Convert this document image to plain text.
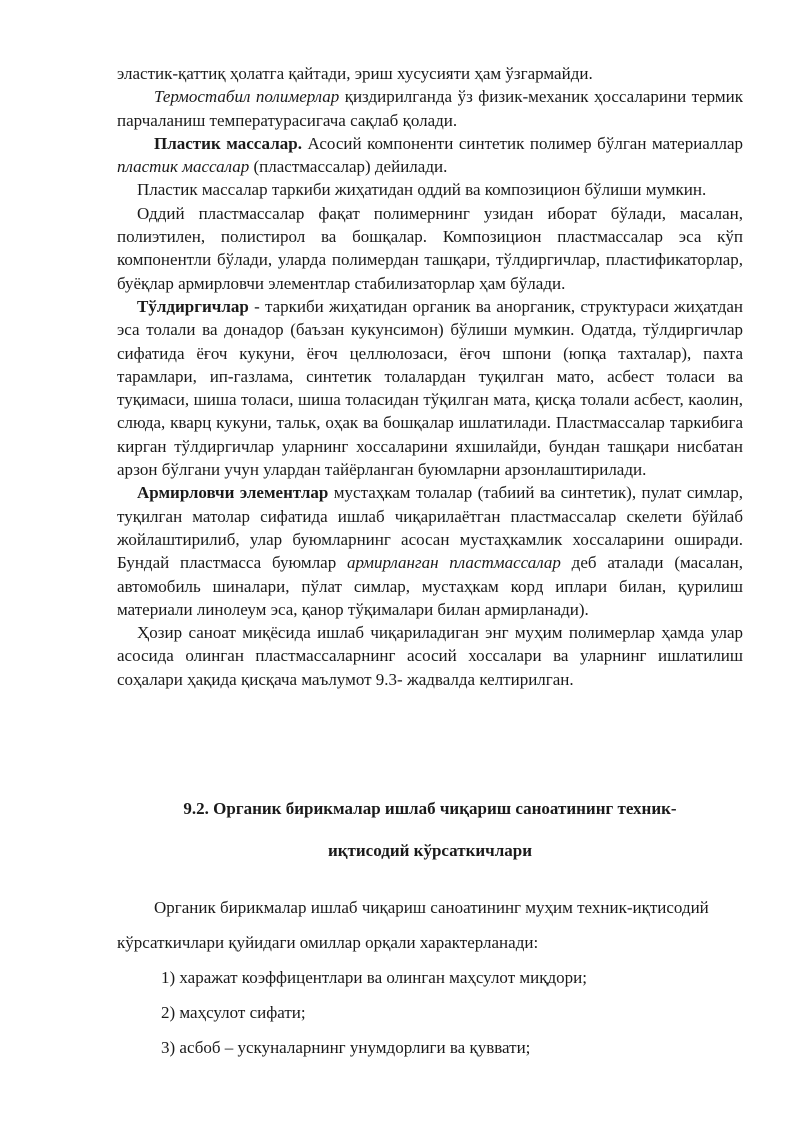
эластик-қаттиқ ҳолатга қайтади, эриш хусусияти ҳам ўзгармайди.

Термостабил полимерлар қиздирилганда ўз физик-механик ҳоссаларини термик парчаланиш температурасигача сақлаб қолади.

Пластик массалар. Асосий компоненти синтетик полимер бўлган материаллар пластик массалар (пластмассалар) дейилади.

Пластик массалар таркиби жиҳатидан оддий ва композицион бўлиши мумкин.

Оддий пластмассалар фақат полимернинг узидан иборат бўлади, масалан, полиэтилен, полистирол ва бошқалар. Композицион пластмассалар эса кўп компонентли бўлади, уларда полимердан ташқари, тўлдиргичлар, пластификаторлар, буёқлар армирловчи элементлар стабилизаторлар ҳам бўлади.

Тўлдиргичлар - таркиби жиҳатидан органик ва анорганик, структураси жиҳатдан эса толали ва донадор (баъзан кукунсимон) бўлиши мумкин. Одатда, тўлдиргичлар сифатида ёғоч кукуни, ёғоч целлюлозаси, ёғоч шпони (юпқа тахталар), пахта тарамлари, ип-газлама, синтетик толалардан туқилган мато, асбест толаси ва туқимаси, шиша толаси, шиша толасидан тўқилган мата, қисқа толали асбест, каолин, слюда, кварц кукуни, тальк, оҳак ва бошқалар ишлатилади. Пластмассалар таркибига кирган тўлдиргичлар уларнинг хоссаларини яхшилайди, бундан ташқари нисбатан арзон бўлгани учун улардан тайёрланган буюмларни арзонлаштирилади.

Армирловчи элементлар мустаҳкам толалар (табиий ва синтетик), пулат симлар, туқилган матолар сифатида ишлаб чиқарилаётган пластмассалар скелети бўйлаб жойлаштирилиб, улар буюмларнинг асосан мустаҳкамлик хоссаларини оширади. Бундай пластмасса буюмлар армирланган пластмассалар деб аталади (масалан, автомобиль шиналари, пўлат симлар, мустаҳкам корд иплари билан, қурилиш материали линолеум эса, қанор тўқималари билан армирланади).

Ҳозир саноат миқёсида ишлаб чиқариладиган энг муҳим полимерлар ҳамда улар асосида олинган пластмассаларнинг асосий хоссалари ва уларнинг ишлатилиш соҳалари ҳақида қисқача маълумот 9.3- жадвалда келтирилган.

9.2. Органик бирикмалар ишлаб чиқариш саноатининг техник-
иқтисодий кўрсаткичлари

Органик бирикмалар ишлаб чиқариш саноатининг муҳим техник-иқтисодий кўрсаткичлари қуйидаги омиллар орқали характерланади:

1) харажат коэффицентлари ва олинган маҳсулот миқдори;

2) маҳсулот сифати;

3) асбоб – ускуналарнинг унумдорлиги ва қуввати;
